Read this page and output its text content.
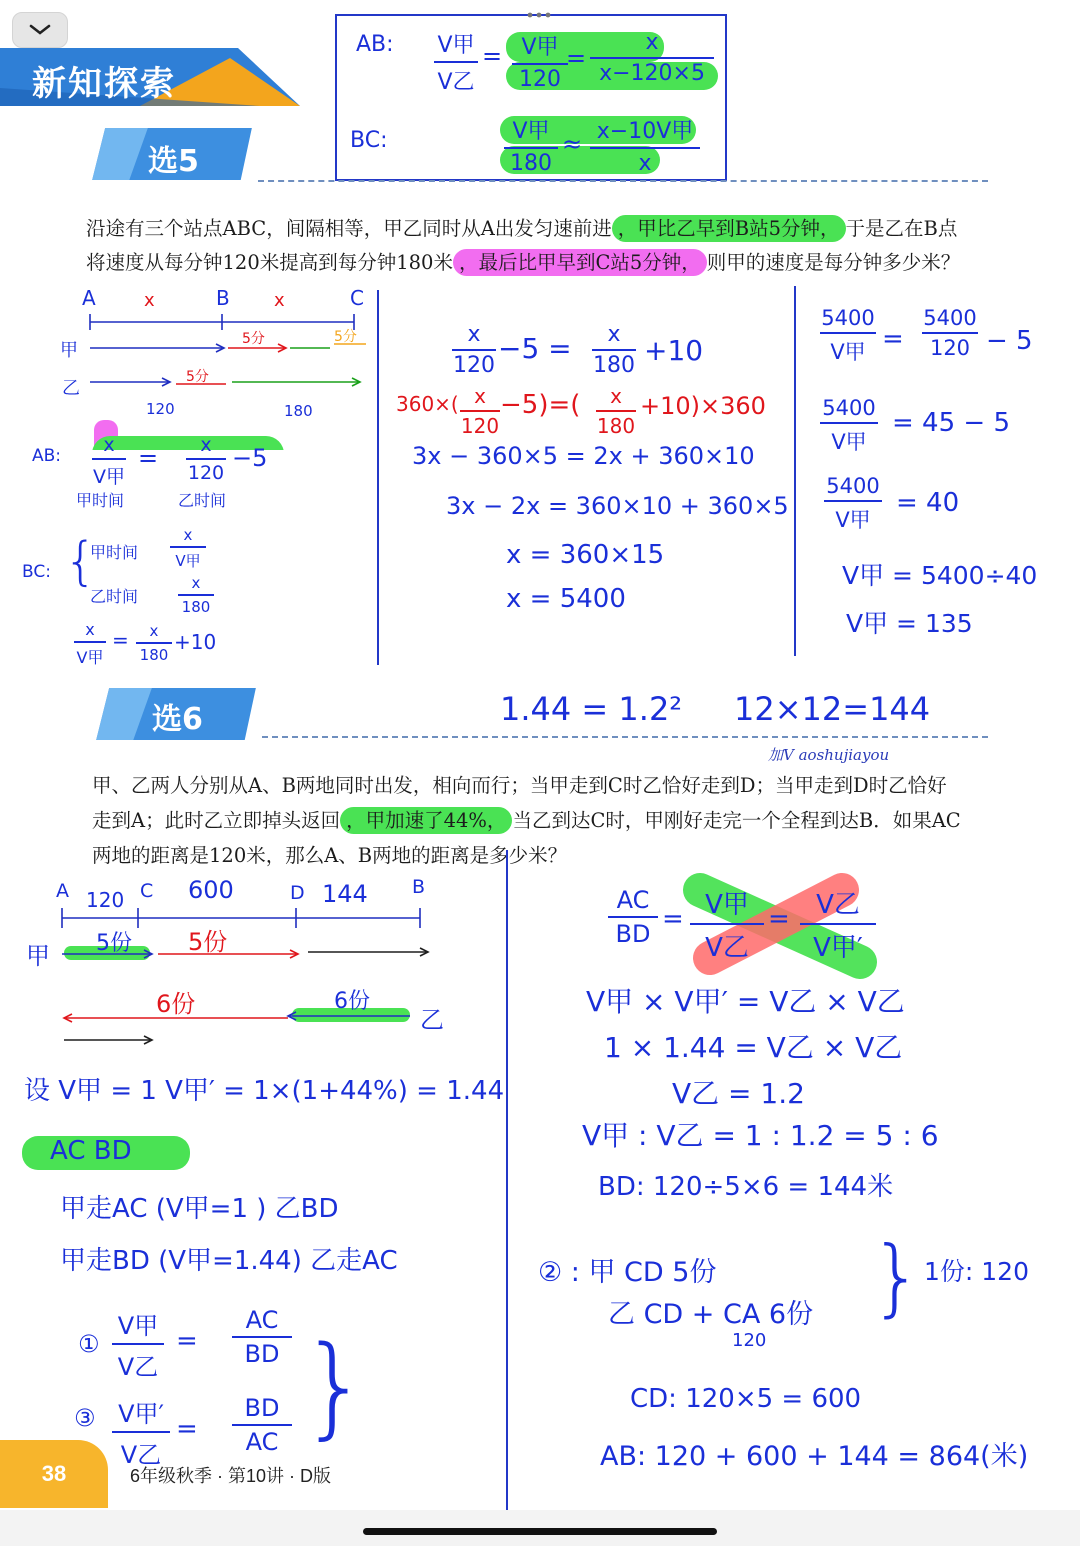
新知探索
AB: V甲
V乙
= V甲
120
=
x
x−120×5
BC:	V甲
180
≈ x−10V甲
x
选5
沿途有三个站点ABC，间隔相等，甲乙同时从A出发匀速前进 ，甲比乙早到B站5分钟， 于是乙在B点
将速度从每分钟120米提高到每分钟180米 ，最后比甲早到C站5分钟， 则甲的速度是每分钟多少米？
A	x	B x	C
甲
5分	5分
乙
5分
120	180
AB:	x
V甲
=	x
120
−5
甲时间	乙时间
BC: {
甲时间
x
V甲
乙时间
x
180
x
V甲
=	x
180
+10
x
120
−5 =	x
180 +10
360×( x
120
−5)=(	x
180
+10)×360
3x − 360×5 = 2x + 360×10
3x − 2x = 360×10 + 360×5
x = 360×15
x = 5400
5400
V甲 =
5400
120 − 5
5400
V甲
= 45 − 5
5400
V甲
= 40
V甲 = 5400÷40
V甲 = 135
选6	1.44 = 1.2² 12×12=144
加V aoshujiayou
甲、乙两人分别从A、B两地同时出发，相向而行；当甲走到C时乙恰好走到D；当甲走到D时乙恰好
走到A；此时乙立即掉头返回 ，甲加速了44%， 当乙到达C时，甲刚好走完一个全程到达B．如果AC
两地的距离是120米，那么A、B两地的距离是多少米？
A 120 C 600	D 144 B
甲 5份 5份
6份	6份
乙
设 V甲 = 1 V甲′ = 1×(1+44%) = 1.44
AC BD
甲走AC (V甲=1 ) 乙BD
甲走BD (V甲=1.44) 乙走AC
①
V甲
V乙
=
AC
BD
③ V甲′
V乙
=
BD
AC }
AC
BD = V甲
V乙
=	V乙
V甲′
V甲 × V甲′ = V乙 × V乙
1 × 1.44 = V乙 × V乙
V乙 = 1.2
V甲 : V乙 = 1 : 1.2 = 5 : 6
BD: 120÷5×6 = 144米
② : 甲 CD 5份
乙 CD + CA 6份
120
} 1份: 120
CD: 120×5 = 600
AB: 120 + 600 + 144 = 864(米)
38	6年级秋季 · 第10讲 · D版
